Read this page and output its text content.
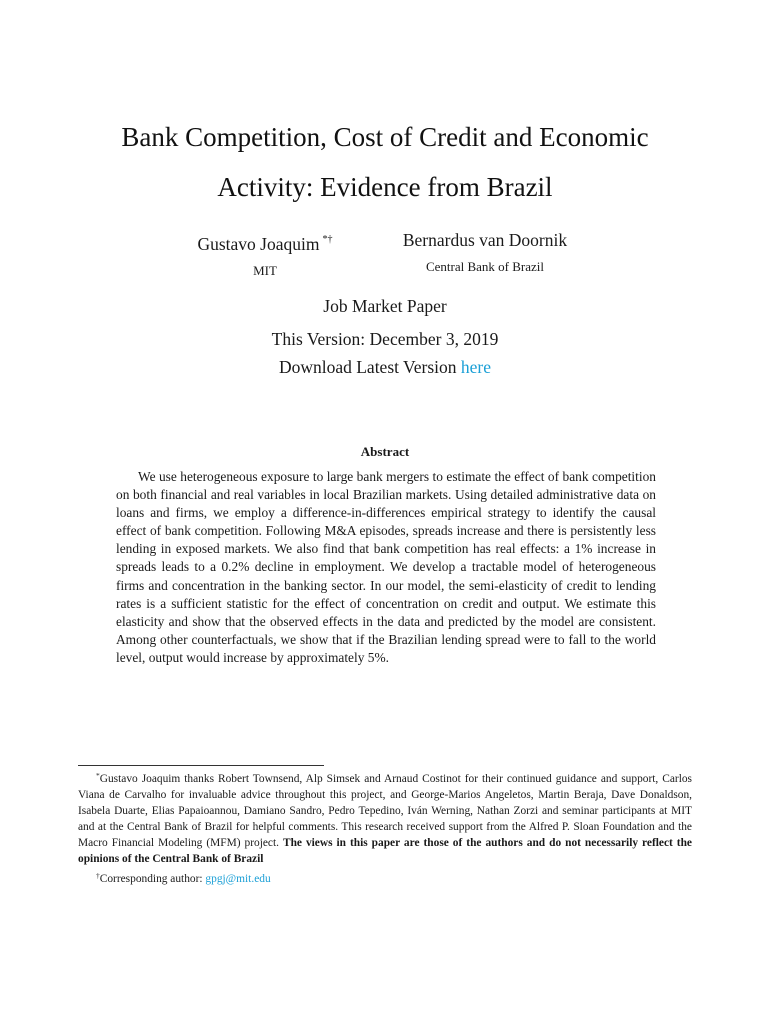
Bank Competition, Cost of Credit and Economic
Activity: Evidence from Brazil
Gustavo Joaquim *†
MIT
Bernardus van Doornik
Central Bank of Brazil
Job Market Paper
This Version: December 3, 2019
Download Latest Version here
Abstract
We use heterogeneous exposure to large bank mergers to estimate the effect of bank competition on both financial and real variables in local Brazilian markets. Using detailed administrative data on loans and firms, we employ a difference-in-differences empirical strategy to identify the causal effect of bank competition. Following M&A episodes, spreads increase and there is persistently less lending in exposed markets. We also find that bank competition has real effects: a 1% increase in spreads leads to a 0.2% decline in employment. We develop a tractable model of heterogeneous firms and concentration in the banking sector. In our model, the semi-elasticity of credit to lending rates is a sufficient statistic for the effect of concentration on credit and output. We estimate this elasticity and show that the observed effects in the data and predicted by the model are consistent. Among other counterfactuals, we show that if the Brazilian lending spread were to fall to the world level, output would increase by approximately 5%.

*Gustavo Joaquim thanks Robert Townsend, Alp Simsek and Arnaud Costinot for their continued guidance and support, Carlos Viana de Carvalho for invaluable advice throughout this project, and George-Marios Angeletos, Martin Beraja, Dave Donaldson, Isabela Duarte, Elias Papaioannou, Damiano Sandro, Pedro Tepedino, Iván Werning, Nathan Zorzi and seminar participants at MIT and at the Central Bank of Brazil for helpful comments. This research received support from the Alfred P. Sloan Foundation and the Macro Financial Modeling (MFM) project. The views in this paper are those of the authors and do not necessarily reflect the opinions of the Central Bank of Brazil

†Corresponding author: gpgj@mit.edu
